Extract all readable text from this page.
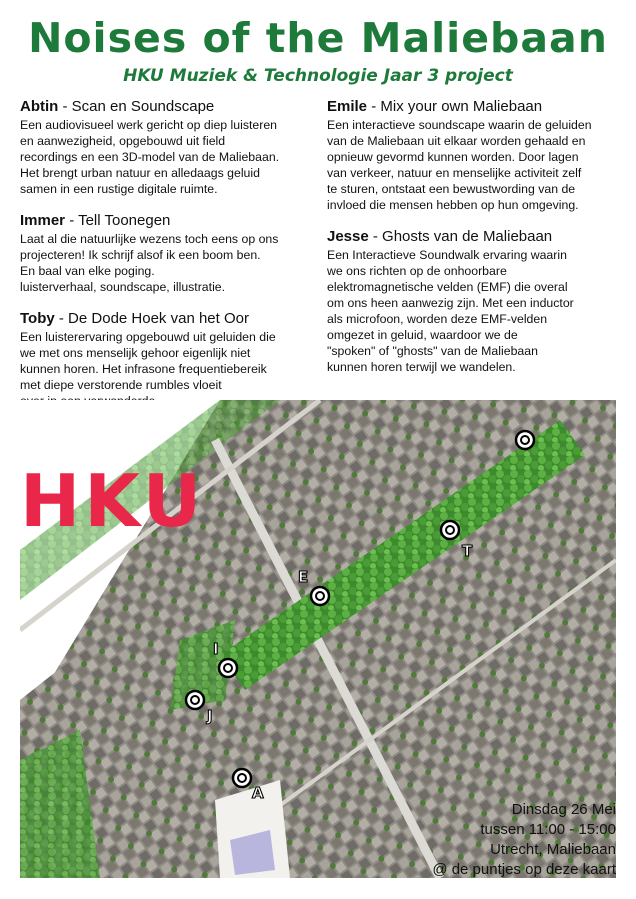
Noises of the Maliebaan
HKU Muziek & Technologie Jaar 3 project
Abtin - Scan en Soundscape

Een audiovisueel werk gericht op diep luisteren
en aanwezigheid, opgebouwd uit field
recordings en een 3D-model van de Maliebaan.
Het brengt urban natuur en alledaags geluid
samen in een rustige digitale ruimte.

Immer - Tell Toonegen

Laat al die natuurlijke wezens toch eens op ons
projecteren! Ik schrijf alsof ik een boom ben.
En baal van elke poging.
luisterverhaal, soundscape, illustratie.

Toby - De Dode Hoek van het Oor

Een luisterervaring opgebouwd uit geluiden die
we met ons menselijk gehoor eigenlijk niet
kunnen horen. Het infrasone frequentiebereik
met diepe verstorende rumbles vloeit

Emile - Mix your own Maliebaan

Een interactieve soundscape waarin de geluiden
van de Maliebaan uit elkaar worden gehaald en
opnieuw gevormd kunnen worden. Door lagen
van verkeer, natuur en menselijke activiteit zelf
te sturen, ontstaat een bewustwording van de
invloed die mensen hebben op hun omgeving.

Jesse - Ghosts van de Maliebaan

Een Interactieve Soundwalk ervaring waarin
we ons richten op de onhoorbare
elektromagnetische velden (EMF) die overal
om ons heen aanwezig zijn. Met een inductor
als microfoon, worden deze EMF-velden
omgezet in geluid, waardoor we de
"spoken" of "ghosts" van de Maliebaan
kunnen horen terwijl we wandelen.

HKU
T
E
I
J
A
Dinsdag 26 Mei
tussen 11:00 - 15:00
Utrecht, Maliebaan
@ de puntjes op deze kaart
